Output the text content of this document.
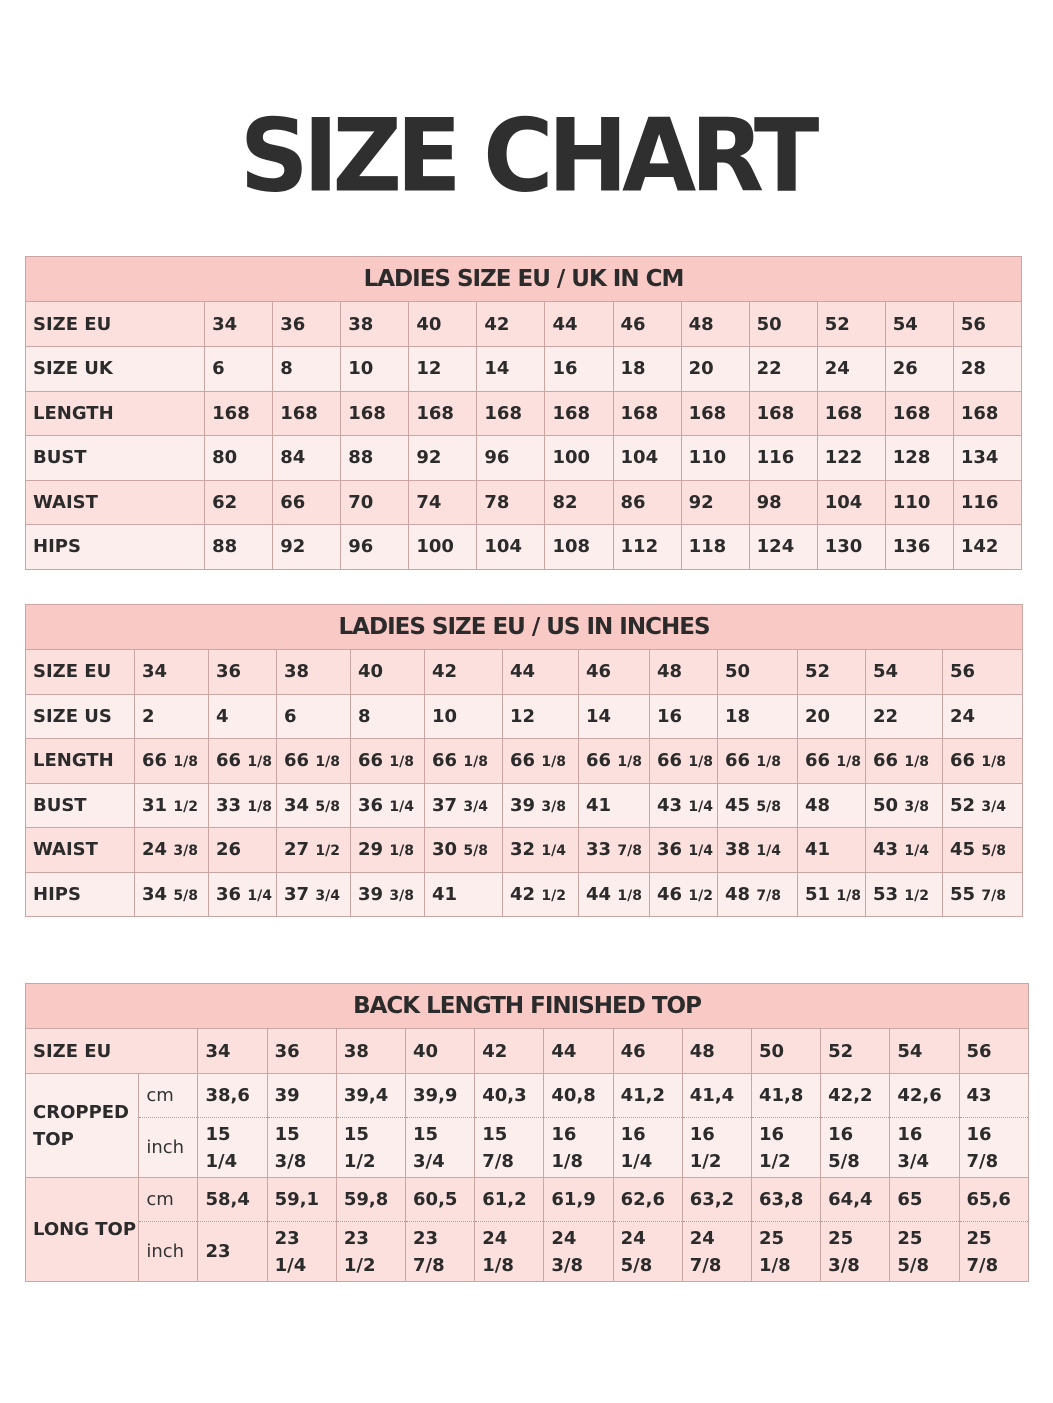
SIZE CHART
LADIES SIZE EU / UK IN CM												
SIZE EU	34	36	38	40	42	44	46	48	50	52	54	56
SIZE UK	6	8	10	12	14	16	18	20	22	24	26	28
LENGTH	168	168	168	168	168	168	168	168	168	168	168	168
BUST	80	84	88	92	96	100	104	110	116	122	128	134
WAIST	62	66	70	74	78	82	86	92	98	104	110	116
HIPS	88	92	96	100	104	108	112	118	124	130	136	142
LADIES SIZE EU / US IN INCHES												
SIZE EU	34	36	38	40	42	44	46	48	50	52	54	56
SIZE US	2	4	6	8	10	12	14	16	18	20	22	24
LENGTH	66 1/8	66 1/8	66 1/8	66 1/8	66 1/8	66 1/8	66 1/8	66 1/8	66 1/8	66 1/8	66 1/8	66 1/8
BUST	31 1/2	33 1/8	34 5/8	36 1/4	37 3/4	39 3/8	41	43 1/4	45 5/8	48	50 3/8	52 3/4
WAIST	24 3/8	26	27 1/2	29 1/8	30 5/8	32 1/4	33 7/8	36 1/4	38 1/4	41	43 1/4	45 5/8
HIPS	34 5/8	36 1/4	37 3/4	39 3/8	41	42 1/2	44 1/8	46 1/2	48 7/8	51 1/8	53 1/2	55 7/8
BACK LENGTH FINISHED TOP													
SIZE EU		34	36	38	40	42	44	46	48	50	52	54	56
CROPPED TOP	cm	38,6	39	39,4	39,9	40,3	40,8	41,2	41,4	41,8	42,2	42,6	43
	inch	15 1/4	15 3/8	15 1/2	15 3/4	15 7/8	16 1/8	16 1/4	16 1/2	16 1/2	16 5/8	16 3/4	16 7/8
LONG TOP	cm	58,4	59,1	59,8	60,5	61,2	61,9	62,6	63,2	63,8	64,4	65	65,6
	inch	23	23 1/4	23 1/2	23 7/8	24 1/8	24 3/8	24 5/8	24 7/8	25 1/8	25 3/8	25 5/8	25 7/8
